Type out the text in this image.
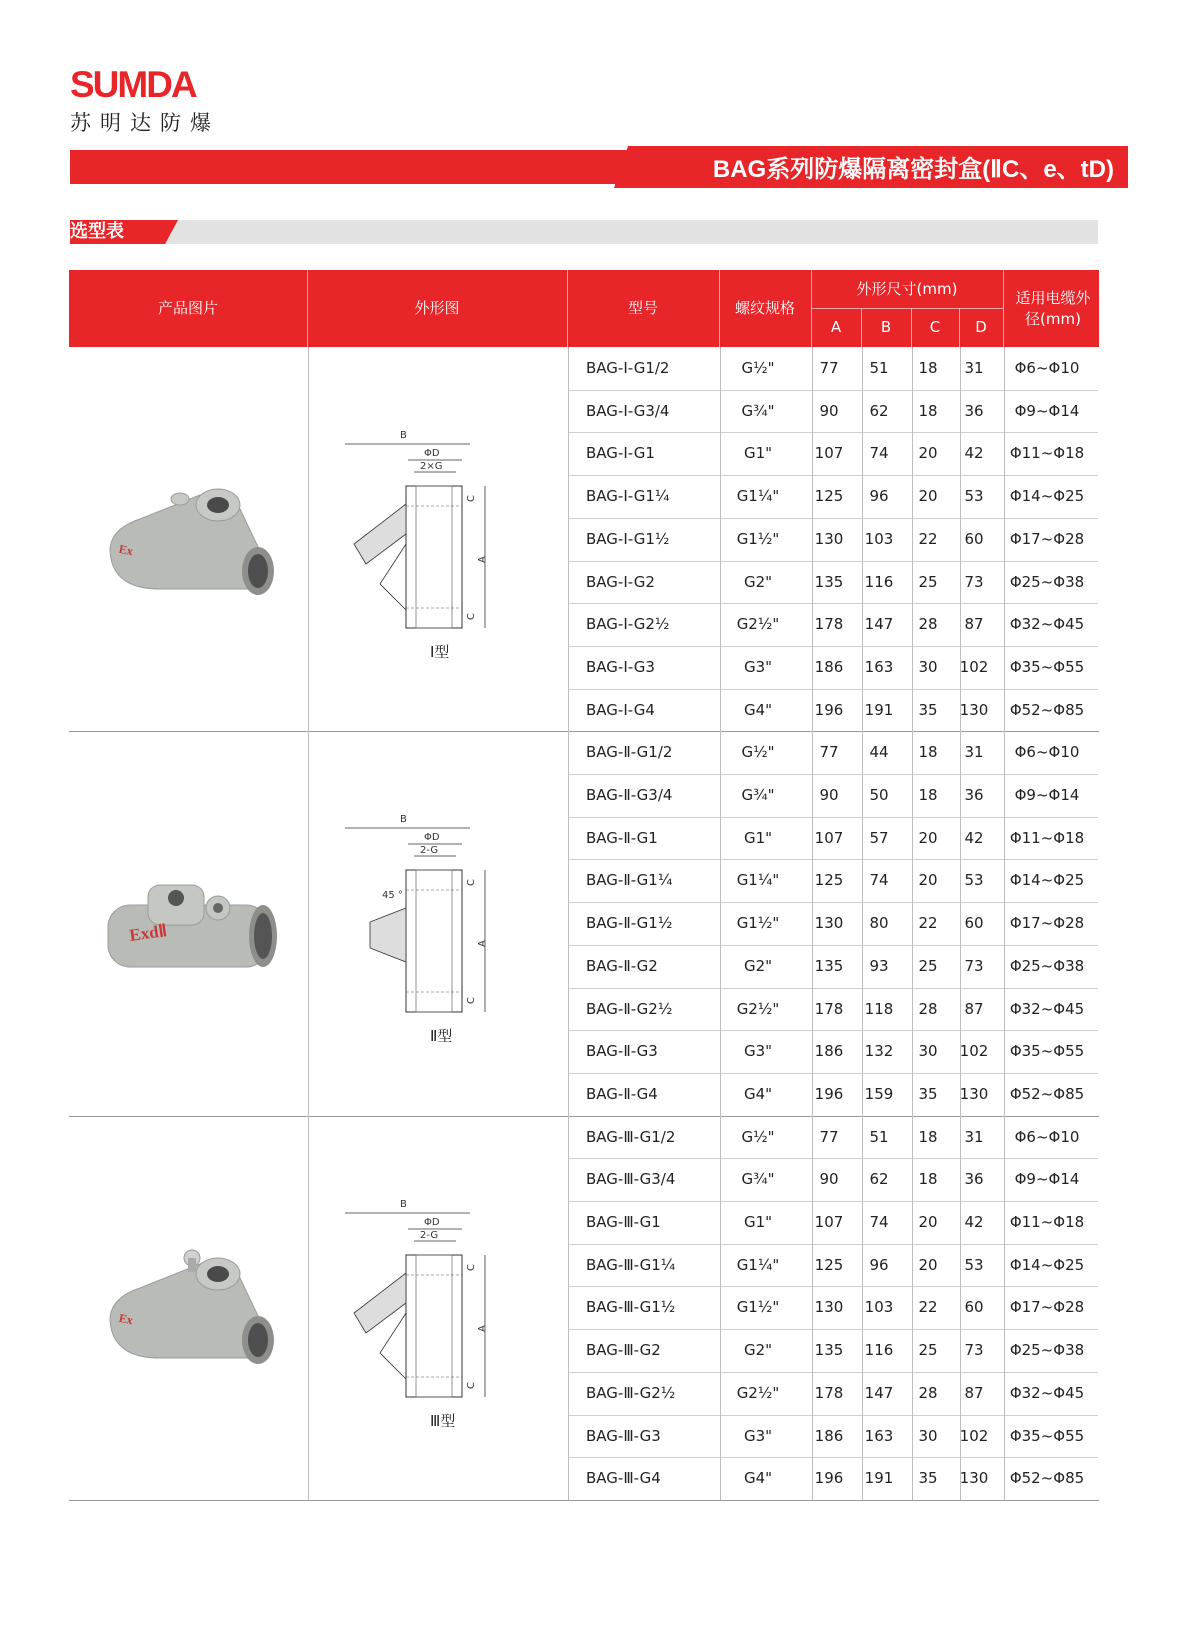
SUMDA
苏明达防爆
BAG系列防爆隔离密封盒(ⅡC、e、tD)
选型表
产品图片	外形图	型号	螺纹规格
外形尺寸(mm)
A	B	C	D
适用电缆外径(mm)
BAG-Ⅰ-G1/2	G½"	77	51	18	31	Φ6~Φ10
BAG-Ⅰ-G3/4	G¾"	90	62	18	36	Φ9~Φ14
BAG-Ⅰ-G1	G1"	107	74	20	42	Φ11~Φ18
BAG-Ⅰ-G1¼	G1¼"	125	96	20	53	Φ14~Φ25
BAG-Ⅰ-G1½	G1½"	130	103	22	60	Φ17~Φ28
BAG-Ⅰ-G2	G2"	135	116	25	73	Φ25~Φ38
BAG-Ⅰ-G2½	G2½"	178	147	28	87	Φ32~Φ45
BAG-Ⅰ-G3	G3"	186	163	30	102	Φ35~Φ55
BAG-Ⅰ-G4	G4"	196	191	35	130	Φ52~Φ85
BAG-Ⅱ-G1/2	G½"	77	44	18	31	Φ6~Φ10
BAG-Ⅱ-G3/4	G¾"	90	50	18	36	Φ9~Φ14
BAG-Ⅱ-G1	G1"	107	57	20	42	Φ11~Φ18
BAG-Ⅱ-G1¼	G1¼"	125	74	20	53	Φ14~Φ25
BAG-Ⅱ-G1½	G1½"	130	80	22	60	Φ17~Φ28
BAG-Ⅱ-G2	G2"	135	93	25	73	Φ25~Φ38
BAG-Ⅱ-G2½	G2½"	178	118	28	87	Φ32~Φ45
BAG-Ⅱ-G3	G3"	186	132	30	102	Φ35~Φ55
BAG-Ⅱ-G4	G4"	196	159	35	130	Φ52~Φ85
BAG-Ⅲ-G1/2	G½"	77	51	18	31	Φ6~Φ10
BAG-Ⅲ-G3/4	G¾"	90	62	18	36	Φ9~Φ14
BAG-Ⅲ-G1	G1"	107	74	20	42	Φ11~Φ18
BAG-Ⅲ-G1¼	G1¼"	125	96	20	53	Φ14~Φ25
BAG-Ⅲ-G1½	G1½"	130	103	22	60	Φ17~Φ28
BAG-Ⅲ-G2	G2"	135	116	25	73	Φ25~Φ38
BAG-Ⅲ-G2½	G2½"	178	147	28	87	Φ32~Φ45
BAG-Ⅲ-G3	G3"	186	163	30	102	Φ35~Φ55
BAG-Ⅲ-G4	G4"	196	191	35	130	Φ52~Φ85
Ex
B
ΦD
2×G
A
C
C
Ⅰ型
ExdⅡ
B
ΦD
2-G
A
C
C
45 °
Ⅱ型
Ex
B
ΦD
2-G
A
C
C
Ⅲ型
